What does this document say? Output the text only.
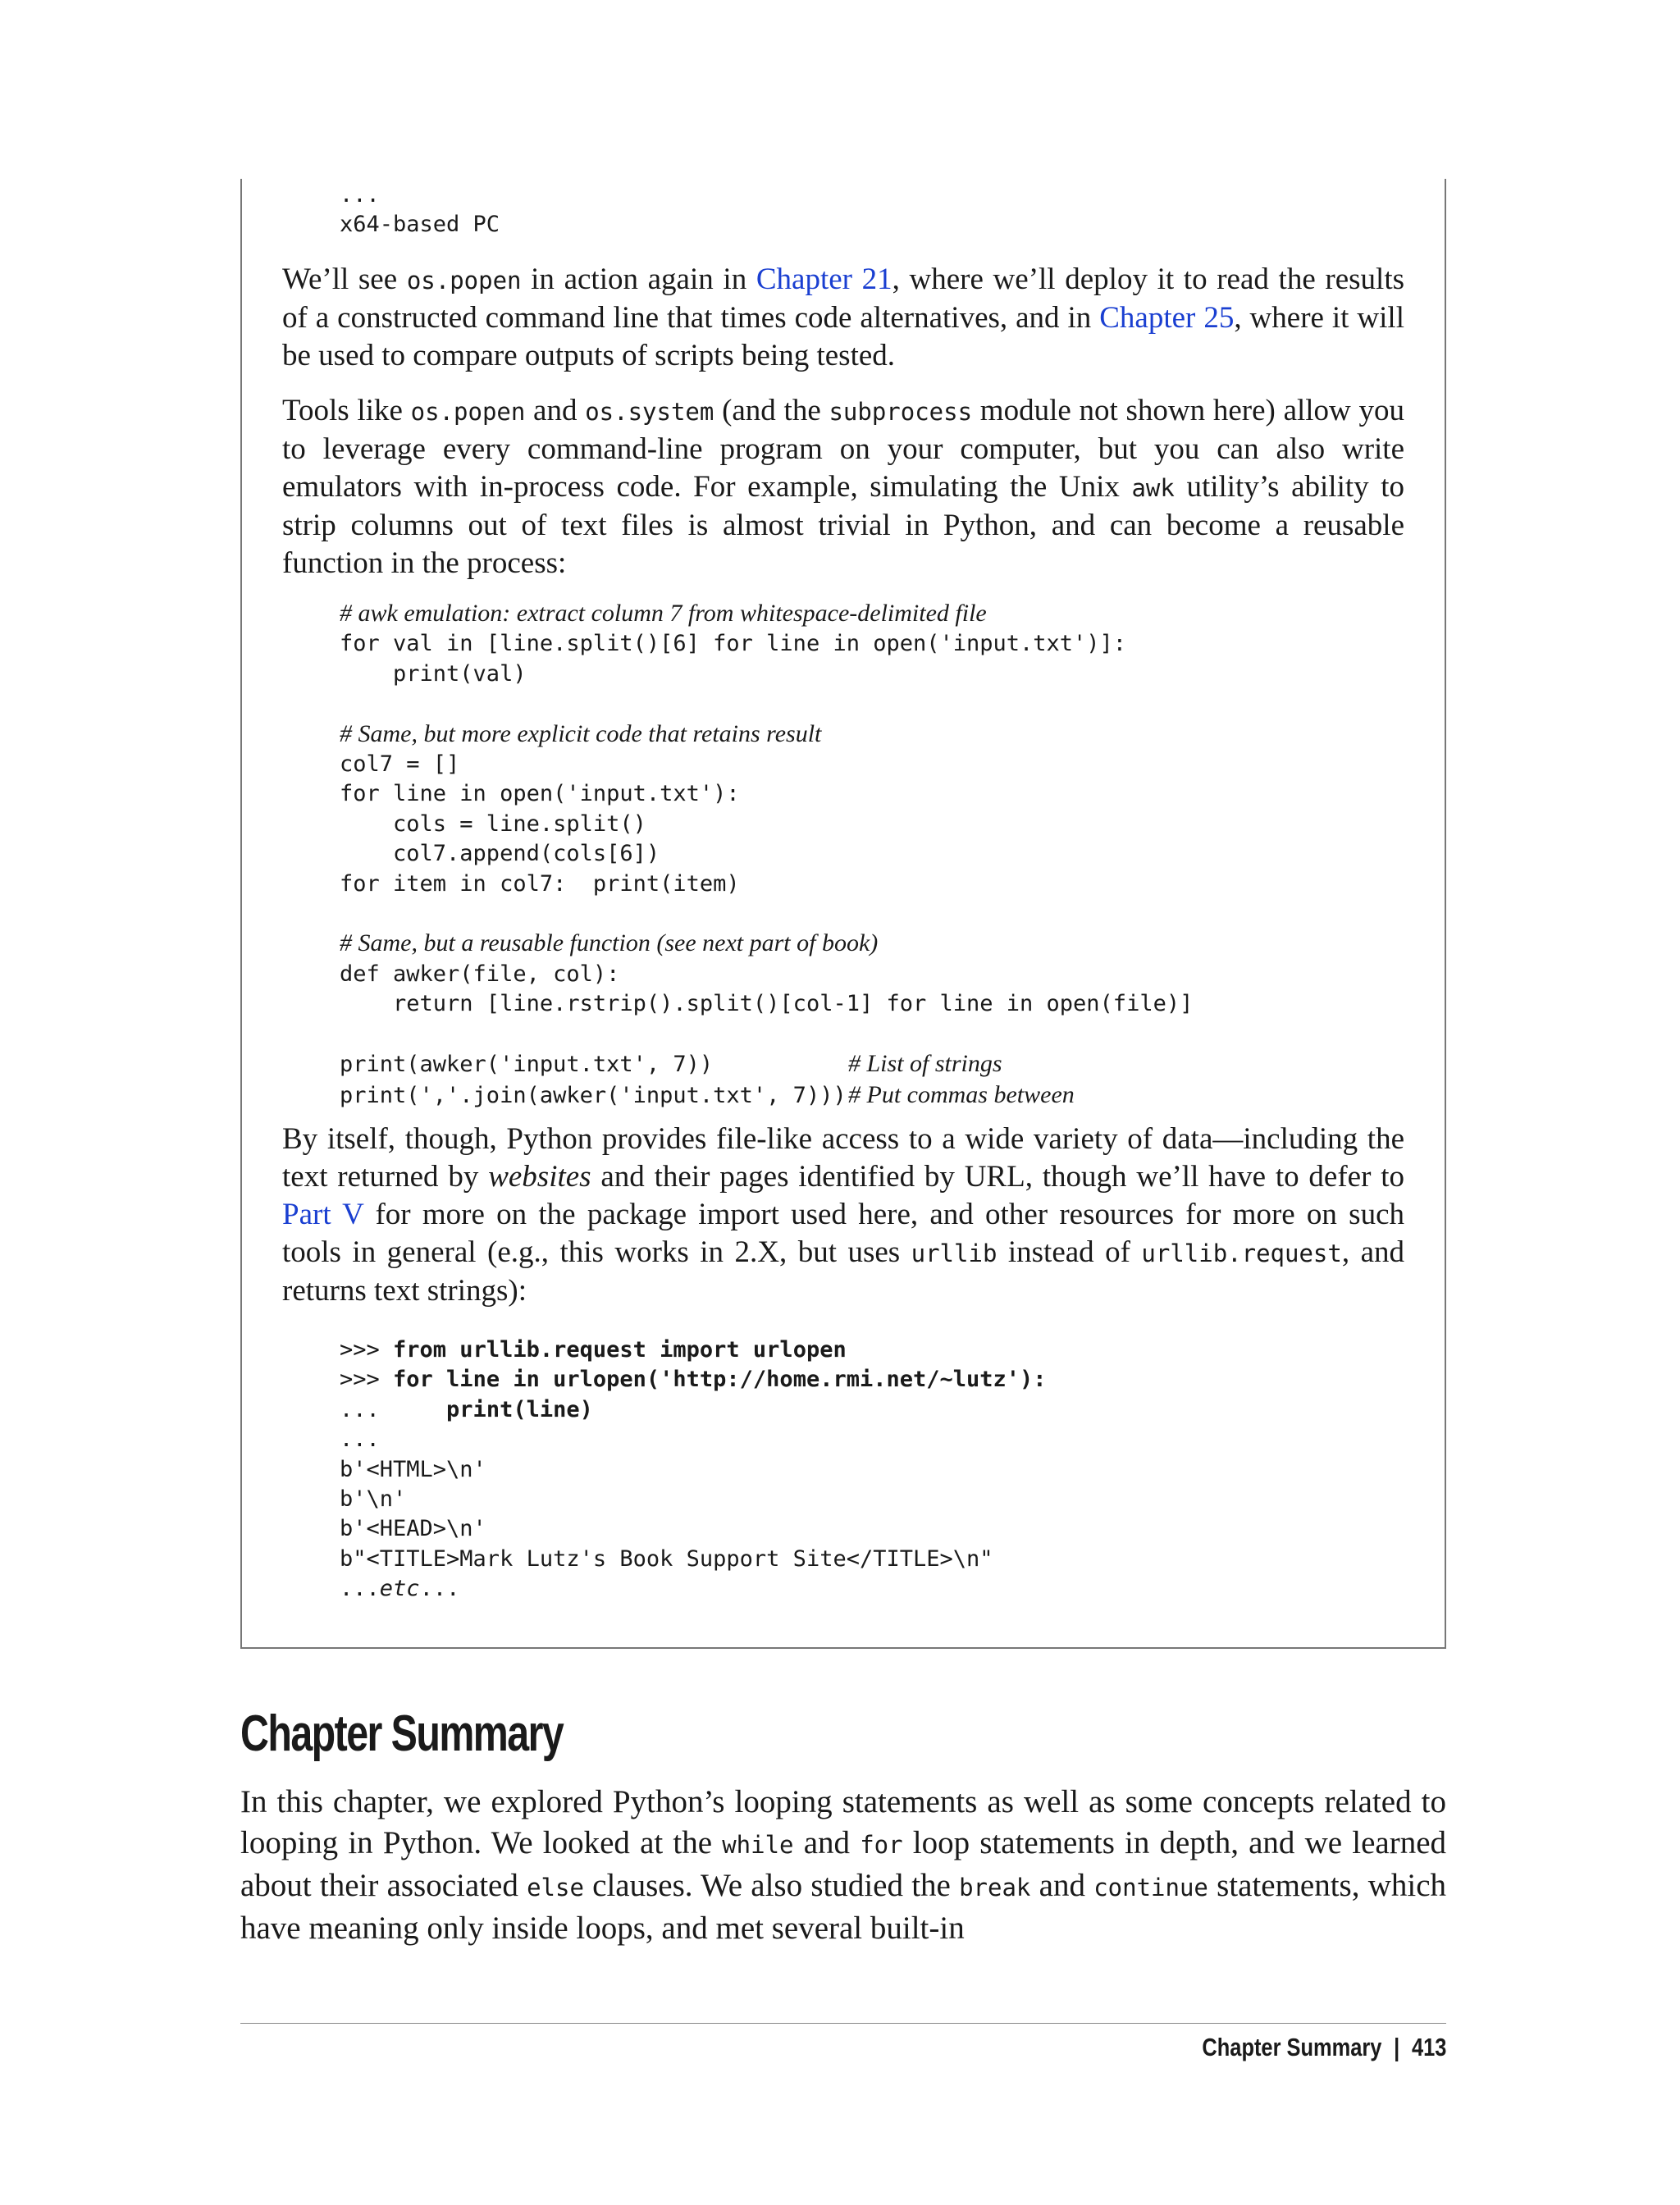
...
x64-based PC

We’ll see os.popen in action again in Chapter 21, where we’ll deploy it to read the results of a constructed command line that times code alternatives, and in Chapter 25, where it will be used to compare outputs of scripts being tested.

Tools like os.popen and os.system (and the subprocess module not shown here) allow you to leverage every command-line program on your computer, but you can also write emulators with in-process code. For example, simulating the Unix awk utility’s ability to strip columns out of text files is almost trivial in Python, and can become a reusable function in the process:

# awk emulation: extract column 7 from whitespace-delimited file
for val in [line.split()[6] for line in open('input.txt')]:
print(val)

# Same, but more explicit code that retains result
col7 = []
for line in open('input.txt'):
cols = line.split()
col7.append(cols[6])
for item in col7:  print(item)

# Same, but a reusable function (see next part of book)
def awker(file, col):
return [line.rstrip().split()[col-1] for line in open(file)]

print(awker('input.txt', 7))	# List of strings
print(','.join(awker('input.txt', 7)))# Put commas between

By itself, though, Python provides file-like access to a wide variety of data—including the text returned by websites and their pages identified by URL, though we’ll have to defer to Part V for more on the package import used here, and other resources for more on such tools in general (e.g., this works in 2.X, but uses urllib instead of urllib.request, and returns text strings):

>>> from urllib.request import urlopen
>>> for line in urlopen('http://home.rmi.net/~lutz'):
...     print(line)
...
b'<HTML>\n'
b'\n'
b'<HEAD>\n'
b"<TITLE>Mark Lutz's Book Support Site</TITLE>\n"
...etc...
Chapter Summary

In this chapter, we explored Python’s looping statements as well as some concepts related to looping in Python. We looked at the while and for loop statements in depth, and we learned about their associated else clauses. We also studied the break and continue statements, which have meaning only inside loops, and met several built-in

Chapter Summary | 413
